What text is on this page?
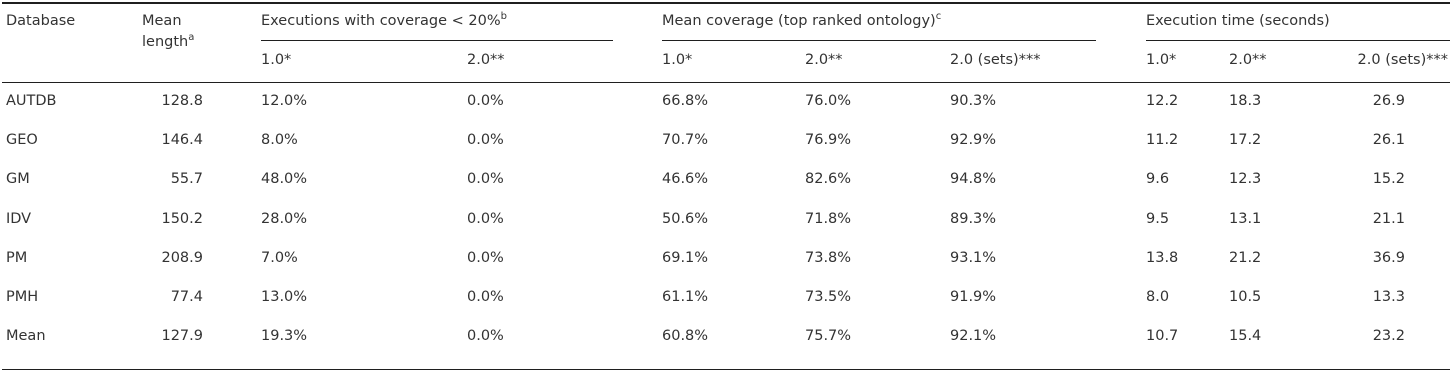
Database	Mean
length$^a$
Executions with coverage < 20%$^b$	Mean coverage (top ranked ontology)$^c$	Execution time (seconds)
1.0*	2.0**	1.0*	2.0**	2.0 (sets)***	1.0*	2.0**	2.0 (sets)***
AUTDB	128.8	12.0%	0.0%	66.8%	76.0%	90.3%	12.2	18.3	26.9
GEO	146.4	8.0%	0.0%	70.7%	76.9%	92.9%	11.2	17.2	26.1
GM	55.7	48.0%	0.0%	46.6%	82.6%	94.8%	9.6	12.3	15.2
IDV	150.2	28.0%	0.0%	50.6%	71.8%	89.3%	9.5	13.1	21.1
PM	208.9	7.0%	0.0%	69.1%	73.8%	93.1%	13.8	21.2	36.9
PMH	77.4	13.0%	0.0%	61.1%	73.5%	91.9%	8.0	10.5	13.3
Mean	127.9	19.3%	0.0%	60.8%	75.7%	92.1%	10.7	15.4	23.2
